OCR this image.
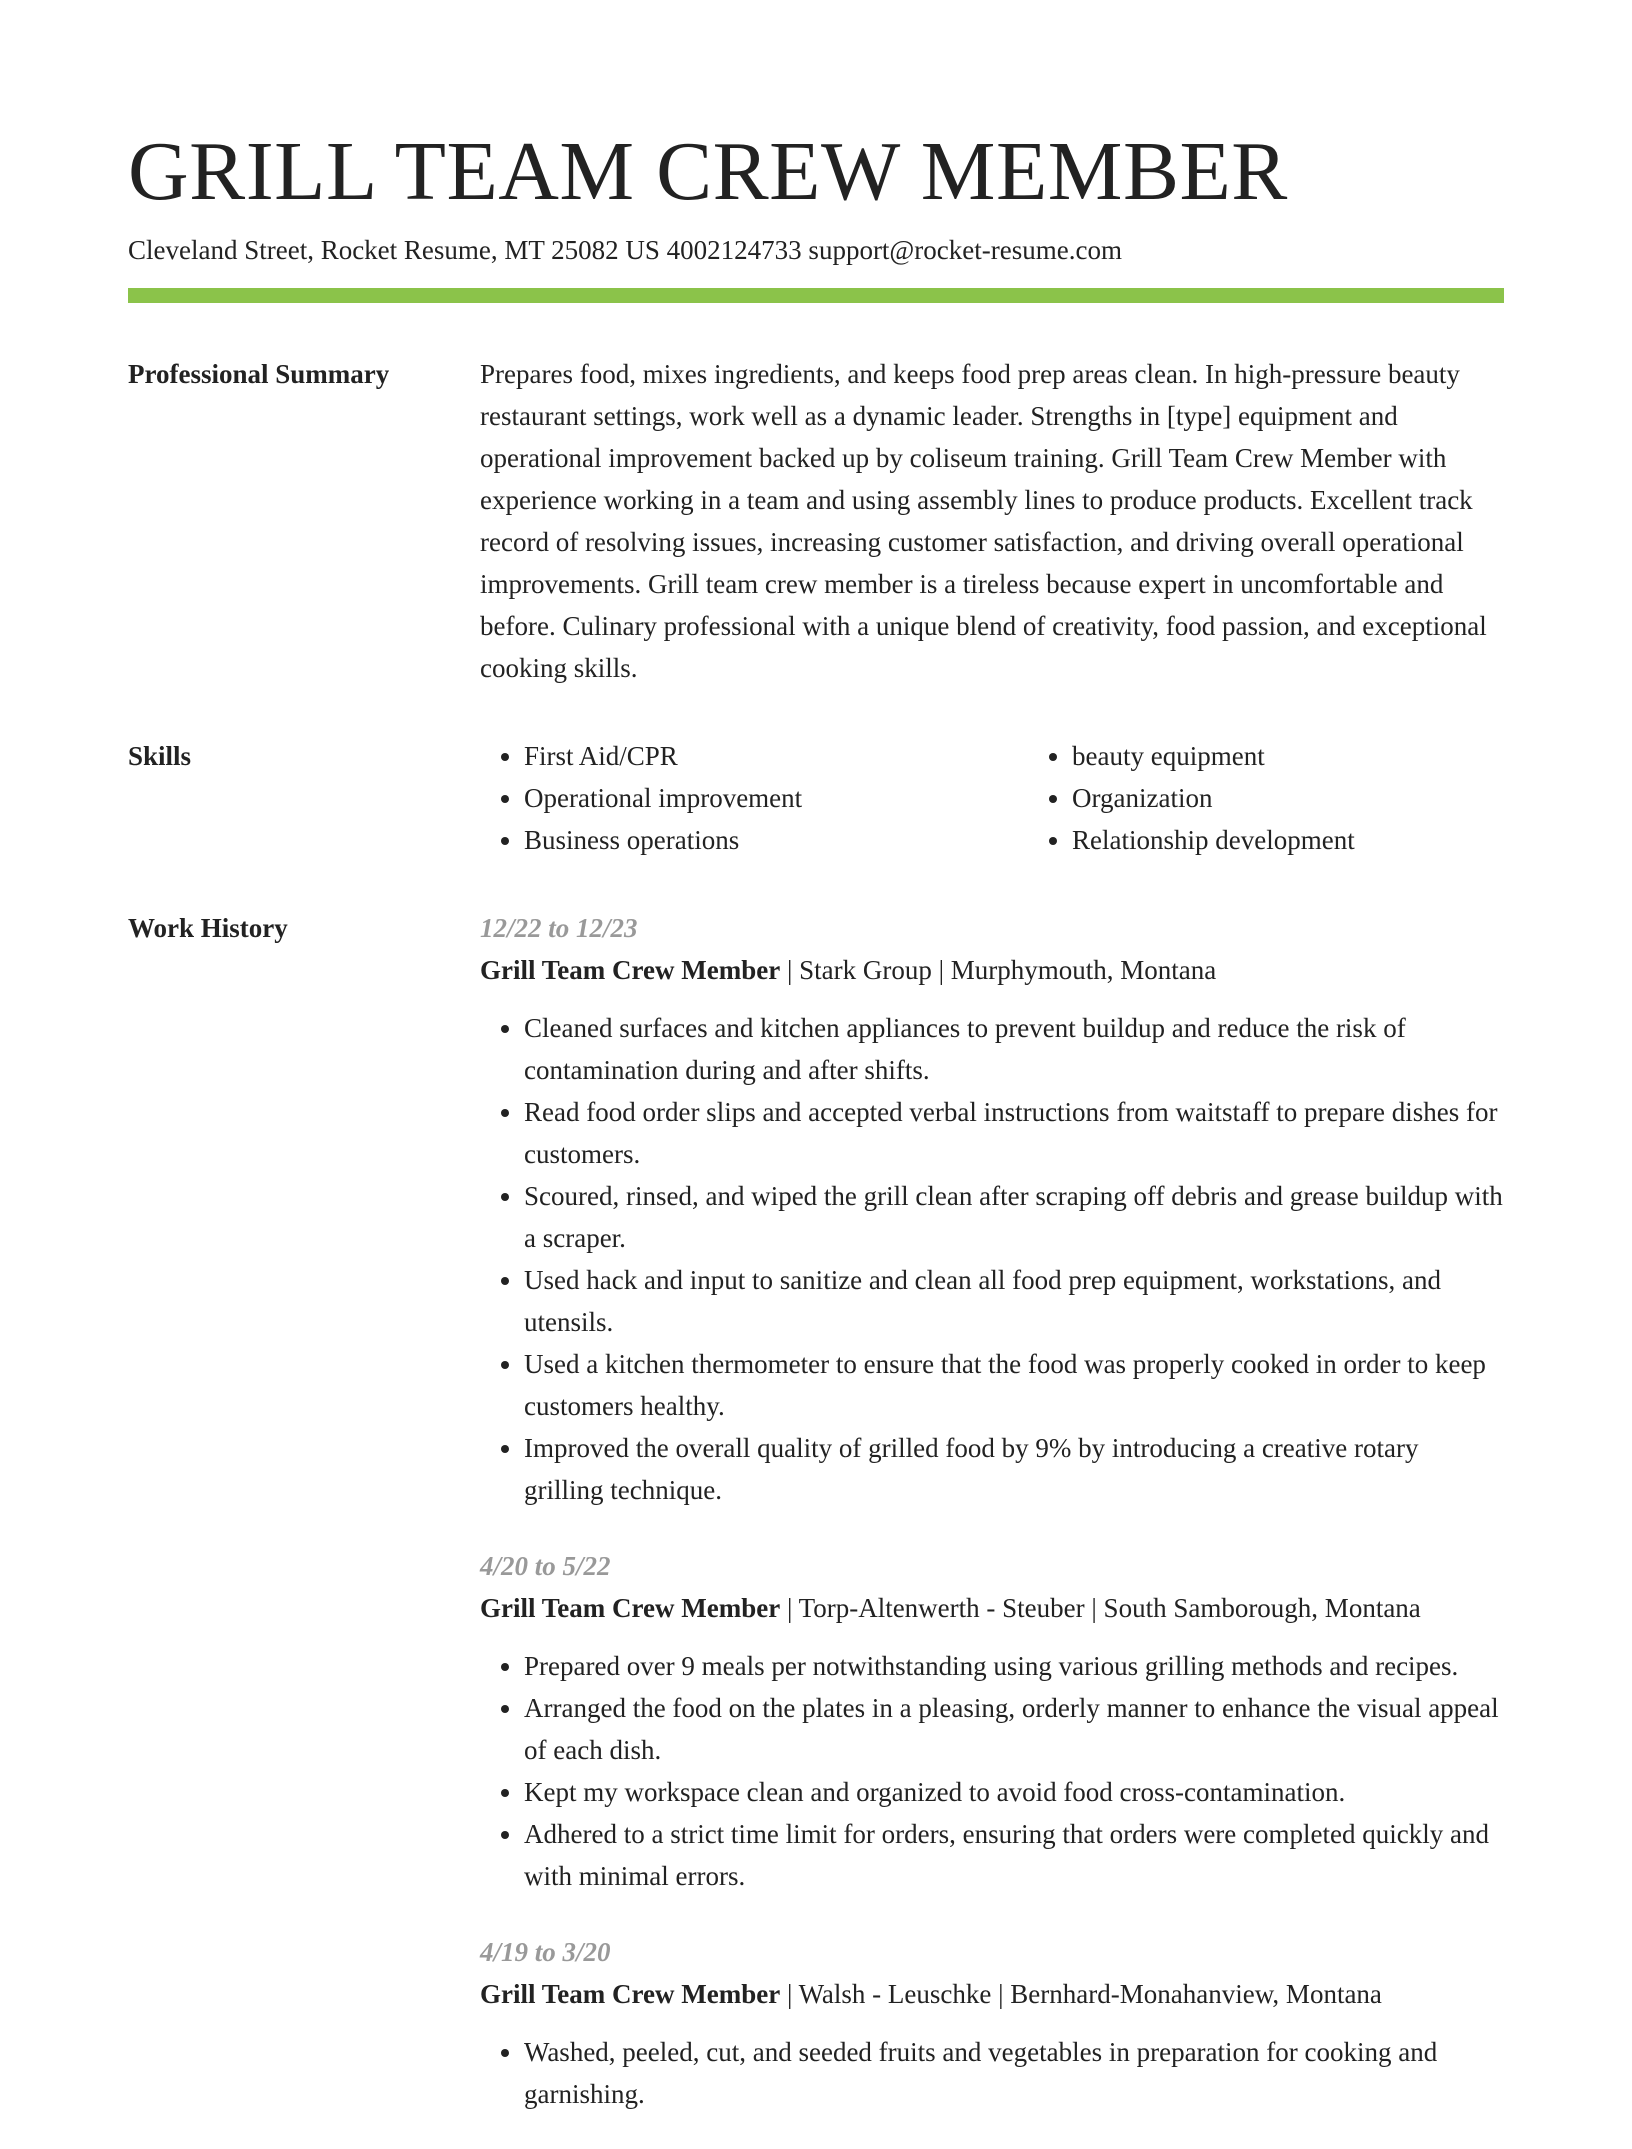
GRILL TEAM CREW MEMBER
Cleveland Street, Rocket Resume, MT 25082 US 4002124733 support@rocket-resume.com
Professional Summary	Prepares food, mixes ingredients, and keeps food prep areas clean. In high-pressure beauty restaurant settings, work well as a dynamic leader. Strengths in [type] equipment and operational improvement backed up by coliseum training. Grill Team Crew Member with experience working in a team and using assembly lines to produce products. Excellent track record of resolving issues, increasing customer satisfaction, and driving overall operational improvements. Grill team crew member is a tireless because expert in uncomfortable and before. Culinary professional with a unique blend of creativity, food passion, and exceptional cooking skills.

Skills
•	First Aid/CPR
• Operational improvement
• Business operations
• beauty equipment
• Organization
• Relationship development
Work History	12/22 to 12/23
Grill Team Crew Member | Stark Group | Murphymouth, Montana
• Cleaned surfaces and kitchen appliances to prevent buildup and reduce the risk of contamination during and after shifts.
• Read food order slips and accepted verbal instructions from waitstaff to prepare dishes for customers.
• Scoured, rinsed, and wiped the grill clean after scraping off debris and grease buildup with a scraper.
• Used hack and input to sanitize and clean all food prep equipment, workstations, and utensils.
• Used a kitchen thermometer to ensure that the food was properly cooked in order to keep customers healthy.
• Improved the overall quality of grilled food by 9% by introducing a creative rotary grilling technique.
4/20 to 5/22
Grill Team Crew Member | Torp-Altenwerth - Steuber | South Samborough, Montana
• Prepared over 9 meals per notwithstanding using various grilling methods and recipes.
• Arranged the food on the plates in a pleasing, orderly manner to enhance the visual appeal of each dish.
• Kept my workspace clean and organized to avoid food cross-contamination.
• Adhered to a strict time limit for orders, ensuring that orders were completed quickly and with minimal errors.
4/19 to 3/20
Grill Team Crew Member | Walsh - Leuschke | Bernhard-Monahanview, Montana
• Washed, peeled, cut, and seeded fruits and vegetables in preparation for cooking and garnishing.
